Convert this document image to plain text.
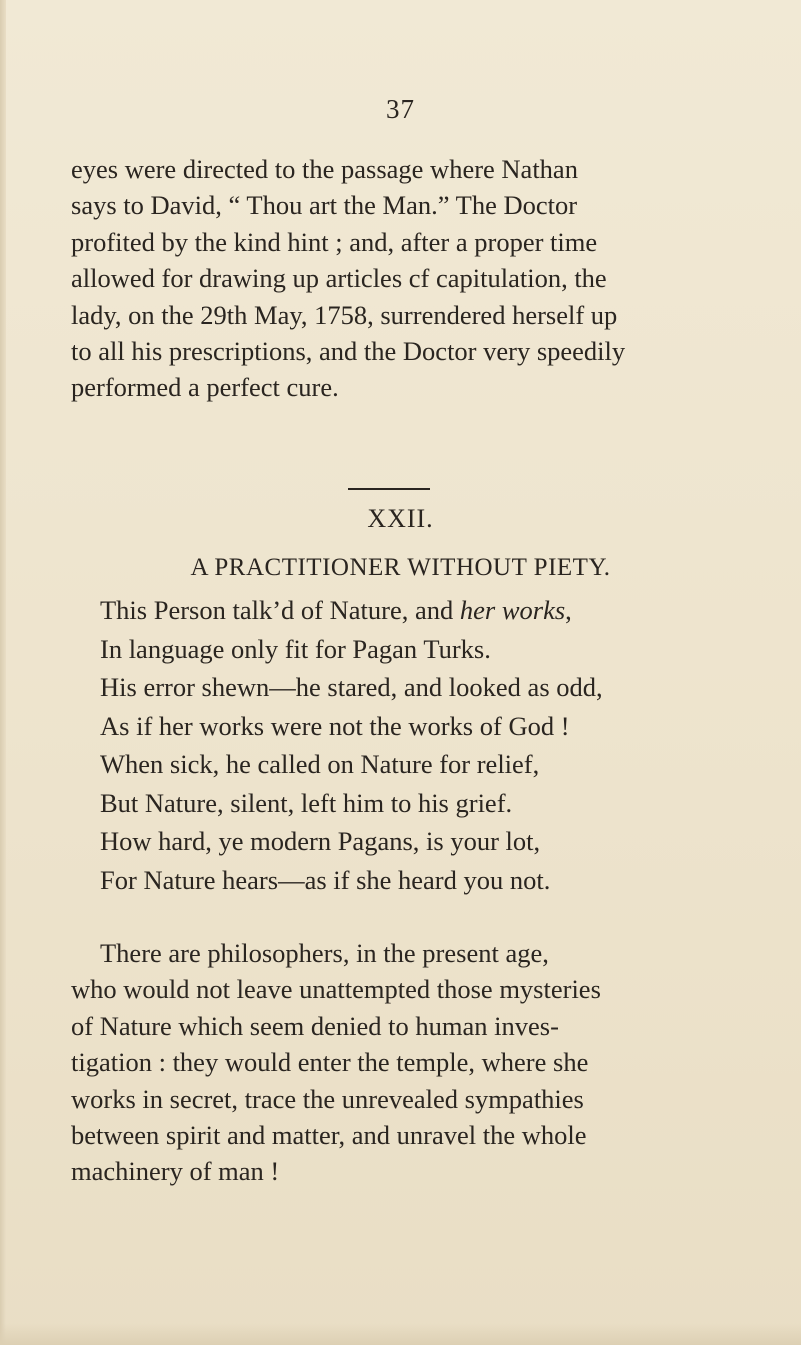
37
eyes were directed to the passage where Nathan
says to David, “ Thou art the Man.” The Doctor
profited by the kind hint ; and, after a proper time
allowed for drawing up articles cf capitulation, the
lady, on the 29th May, 1758, surrendered herself up
to all his prescriptions, and the Doctor very speedily
performed a perfect cure.
XXII.
A PRACTITIONER WITHOUT PIETY.
This Person talk’d of Nature, and her works,
In language only fit for Pagan Turks.
His error shewn—he stared, and looked as odd,
As if her works were not the works of God !
When sick, he called on Nature for relief,
But Nature, silent, left him to his grief.
How hard, ye modern Pagans, is your lot,
For Nature hears—as if she heard you not.
There are philosophers, in the present age,
who would not leave unattempted those mysteries
of Nature which seem denied to human inves-
tigation : they would enter the temple, where she
works in secret, trace the unrevealed sympathies
between spirit and matter, and unravel the whole
machinery of man !
